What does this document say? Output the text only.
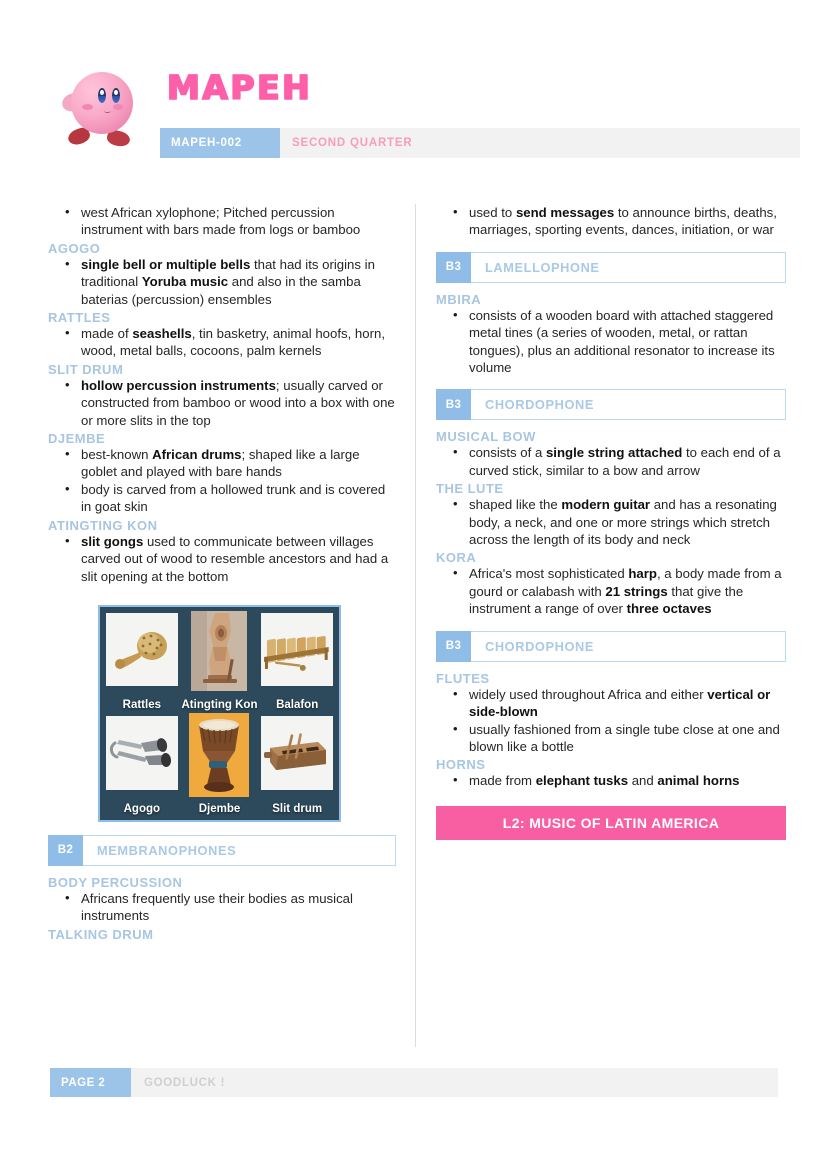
MAPEH
MAPEH-002	SECOND QUARTER
• west African xylophone; Pitched percussion instrument with bars made from logs or bamboo
AGOGO
• single bell or multiple bells that had its origins in traditional Yoruba music and also in the samba baterias (percussion) ensembles
RATTLES
• made of seashells, tin basketry, animal hoofs, horn, wood, metal balls, cocoons, palm kernels
SLIT DRUM
• hollow percussion instruments; usually carved or constructed from bamboo or wood into a box with one or more slits in the top
DJEMBE
• best-known African drums; shaped like a large goblet and played with bare hands
• body is carved from a hollowed trunk and is covered in goat skin
ATINGTING KON
• slit gongs used to communicate between villages carved out of wood to resemble ancestors and had a slit opening at the bottom
Rattles	Atingting Kon	Balafon
Agogo	Djembe	Slit drum
B2	MEMBRANOPHONES
BODY PERCUSSION
• Africans frequently use their bodies as musical instruments
TALKING DRUM
• used to send messages to announce births, deaths, marriages, sporting events, dances, initiation, or war
B3	LAMELLOPHONE
MBIRA
• consists of a wooden board with attached staggered metal tines (a series of wooden, metal, or rattan tongues), plus an additional resonator to increase its volume
B3	CHORDOPHONE
MUSICAL BOW
• consists of a single string attached to each end of a curved stick, similar to a bow and arrow
THE LUTE
• shaped like the modern guitar and has a resonating body, a neck, and one or more strings which stretch across the length of its body and neck
KORA
• Africa's most sophisticated harp, a body made from a gourd or calabash with 21 strings that give the instrument a range of over three octaves
B3	CHORDOPHONE
FLUTES
• widely used throughout Africa and either vertical or side-blown
• usually fashioned from a single tube close at one and blown like a bottle
HORNS
• made from elephant tusks and animal horns
L2: MUSIC OF LATIN AMERICA
PAGE 2	GOODLUCK !
